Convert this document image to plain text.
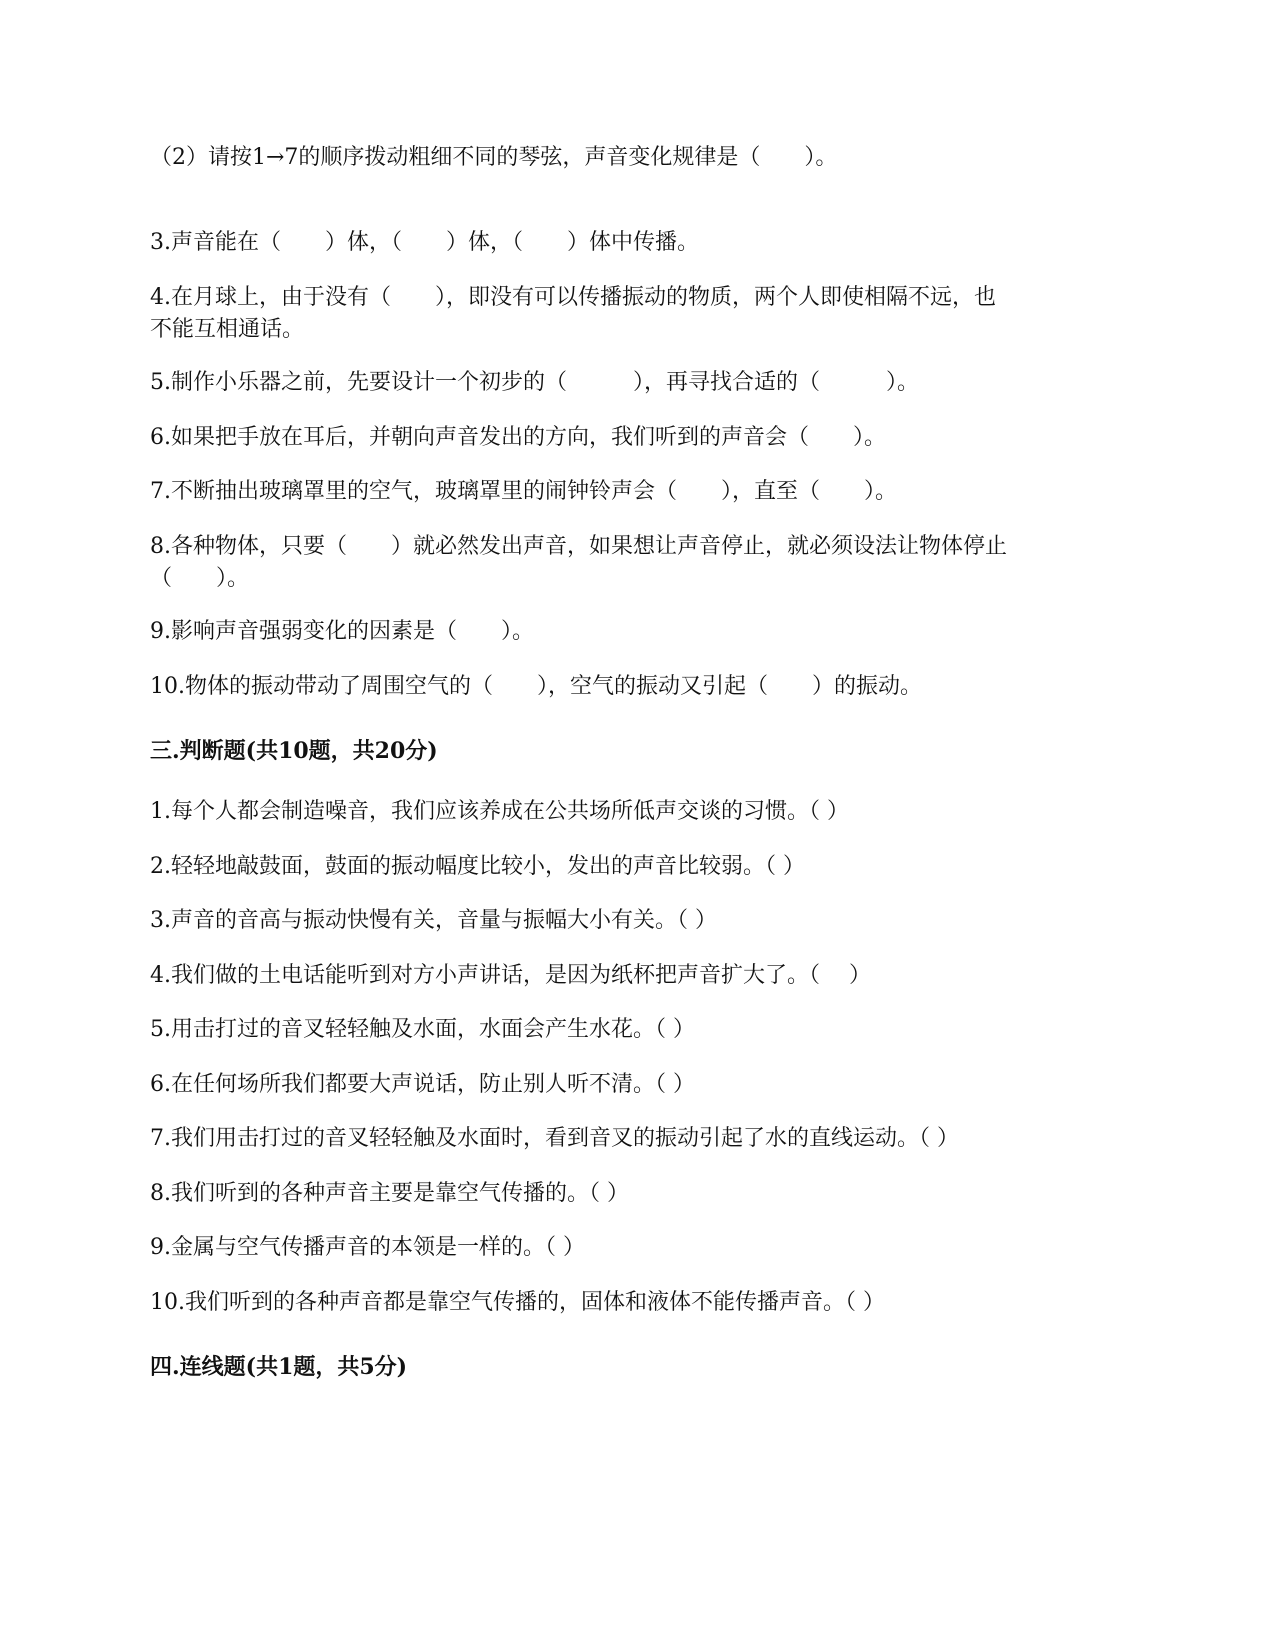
（2）请按1→7的顺序拨动粗细不同的琴弦，声音变化规律是（　　）。
3.声音能在（　　）体，（　　）体，（　　）体中传播。
4.在月球上，由于没有（　　），即没有可以传播振动的物质，两个人即使相隔不远，也
不能互相通话。
5.制作小乐器之前，先要设计一个初步的（　　　），再寻找合适的（　　　）。
6.如果把手放在耳后，并朝向声音发出的方向，我们听到的声音会（　　）。
7.不断抽出玻璃罩里的空气，玻璃罩里的闹钟铃声会（　　），直至（　　）。
8.各种物体，只要（　　）就必然发出声音，如果想让声音停止，就必须设法让物体停止
（　　）。
9.影响声音强弱变化的因素是（　　）。
10.物体的振动带动了周围空气的（　　），空气的振动又引起（　　）的振动。
三.判断题(共10题，共20分)
1.每个人都会制造噪音，我们应该养成在公共场所低声交谈的习惯。（ ）
2.轻轻地敲鼓面，鼓面的振动幅度比较小，发出的声音比较弱。（ ）
3.声音的音高与振动快慢有关，音量与振幅大小有关。（ ）
4.我们做的土电话能听到对方小声讲话，是因为纸杯把声音扩大了。（　 ）
5.用击打过的音叉轻轻触及水面，水面会产生水花。（ ）
6.在任何场所我们都要大声说话，防止别人听不清。（ ）
7.我们用击打过的音叉轻轻触及水面时，看到音叉的振动引起了水的直线运动。（ ）
8.我们听到的各种声音主要是靠空气传播的。（ ）
9.金属与空气传播声音的本领是一样的。（ ）
10.我们听到的各种声音都是靠空气传播的，固体和液体不能传播声音。（ ）
四.连线题(共1题，共5分)
